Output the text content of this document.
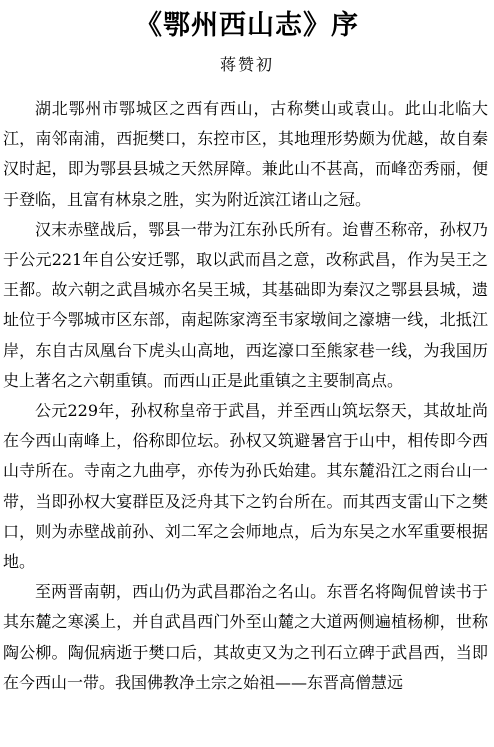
《鄂州西山志》序
蒋赞初

湖北鄂州市鄂城区之西有西山，古称樊山或袁山。此山北临大江，南邻南浦，西扼樊口，东控市区，其地理形势颇为优越，故自秦汉时起，即为鄂县县城之天然屏障。兼此山不甚高，而峰峦秀丽，便于登临，且富有林泉之胜，实为附近滨江诸山之冠。

汉末赤壁战后，鄂县一带为江东孙氏所有。迨曹丕称帝，孙权乃于公元221年自公安迁鄂，取以武而昌之意，改称武昌，作为吴王之王都。故六朝之武昌城亦名吴王城，其基础即为秦汉之鄂县县城，遗址位于今鄂城市区东部，南起陈家湾至韦家墩间之濠塘一线，北抵江岸，东自古凤凰台下虎头山高地，西迄濠口至熊家巷一线，为我国历史上著名之六朝重镇。而西山正是此重镇之主要制高点。

公元229年，孙权称皇帝于武昌，并至西山筑坛祭天，其故址尚在今西山南峰上，俗称即位坛。孙权又筑避暑宫于山中，相传即今西山寺所在。寺南之九曲亭，亦传为孙氏始建。其东麓沿江之雨台山一带，当即孙权大宴群臣及泛舟其下之钓台所在。而其西支雷山下之樊口，则为赤壁战前孙、刘二军之会师地点，后为东吴之水军重要根据地。

至两晋南朝，西山仍为武昌郡治之名山。东晋名将陶侃曾读书于其东麓之寒溪上，并自武昌西门外至山麓之大道两侧遍植杨柳，世称陶公柳。陶侃病逝于樊口后，其故吏又为之刊石立碑于武昌西，当即在今西山一带。我国佛教净土宗之始祖——东晋高僧慧远
